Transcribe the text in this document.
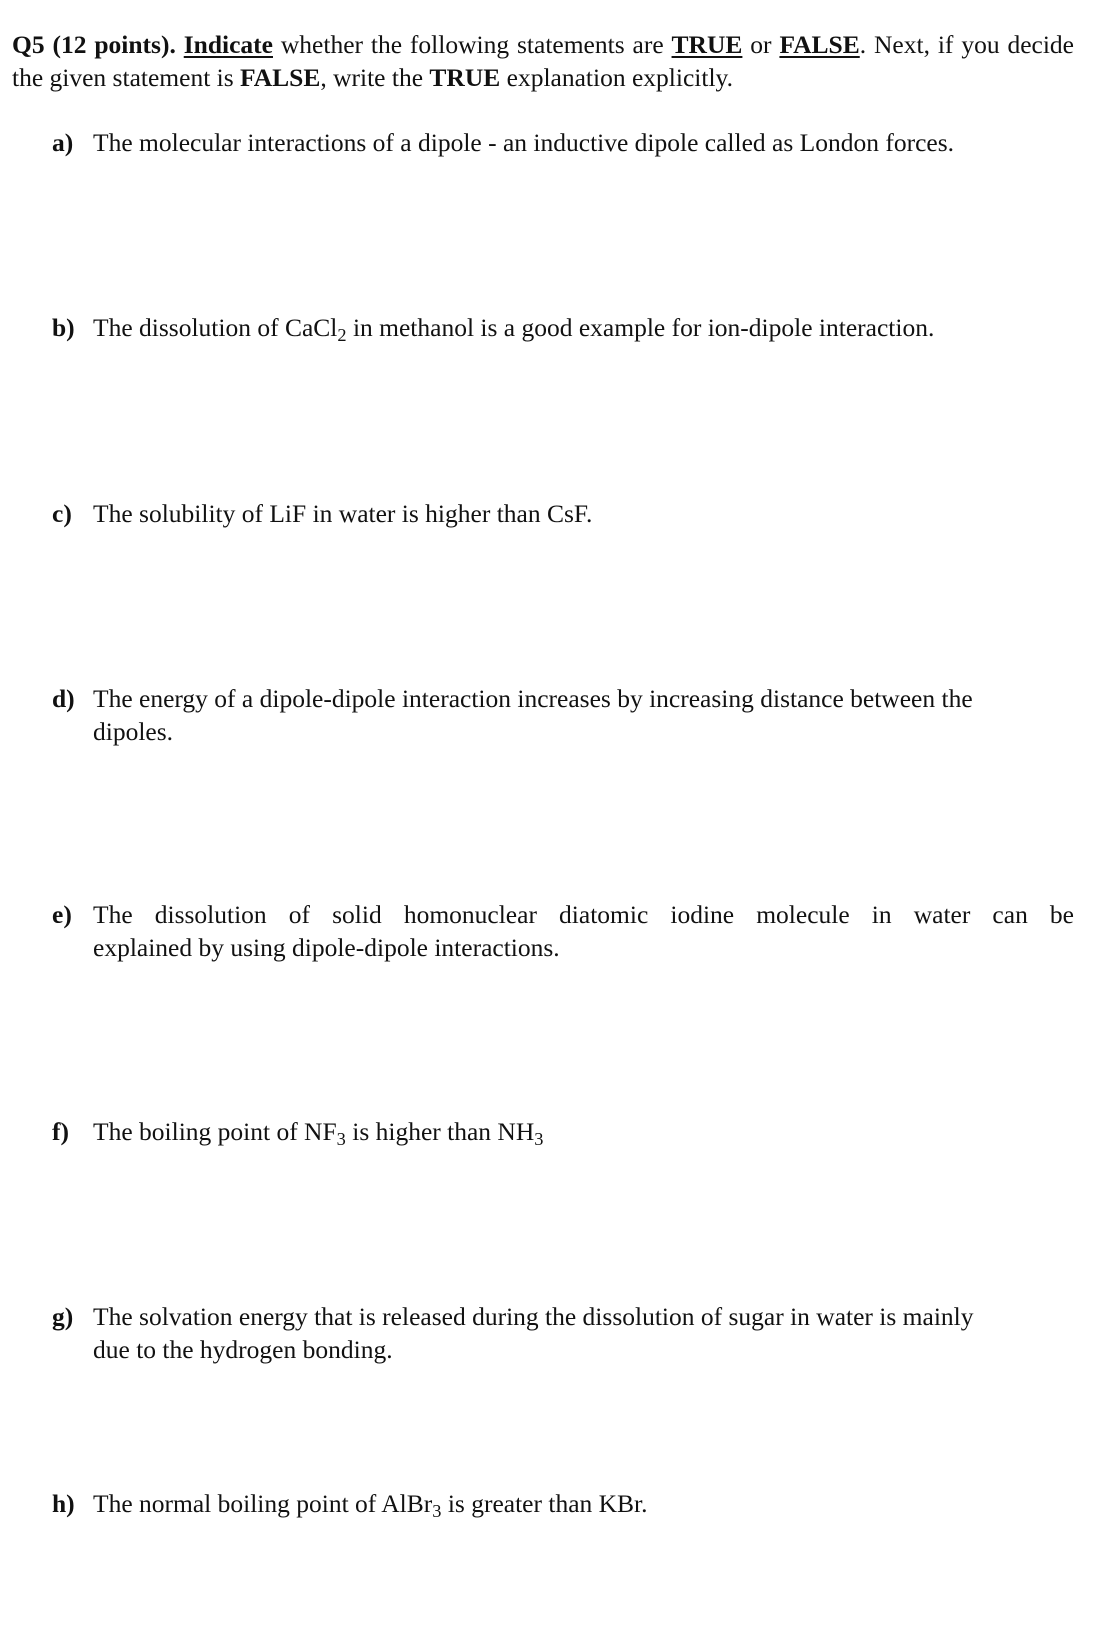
Q5 (12 points). Indicate whether the following statements are TRUE or FALSE. Next, if you decide the given statement is FALSE, write the TRUE explanation explicitly.
a) The molecular interactions of a dipole - an inductive dipole called as London forces.
b) The dissolution of CaCl$_2$ in methanol is a good example for ion-dipole interaction.
c) The solubility of LiF in water is higher than CsF.
d) The energy of a dipole-dipole interaction increases by increasing distance between the
dipoles.
e) The dissolution of solid homonuclear diatomic iodine molecule in water can be
explained by using dipole-dipole interactions.
f) The boiling point of $NF_3$ is higher than $NH_3$
g) The solvation energy that is released during the dissolution of sugar in water is mainly
due to the hydrogen bonding.
h) The normal boiling point of AlBr$_3$ is greater than KBr.
